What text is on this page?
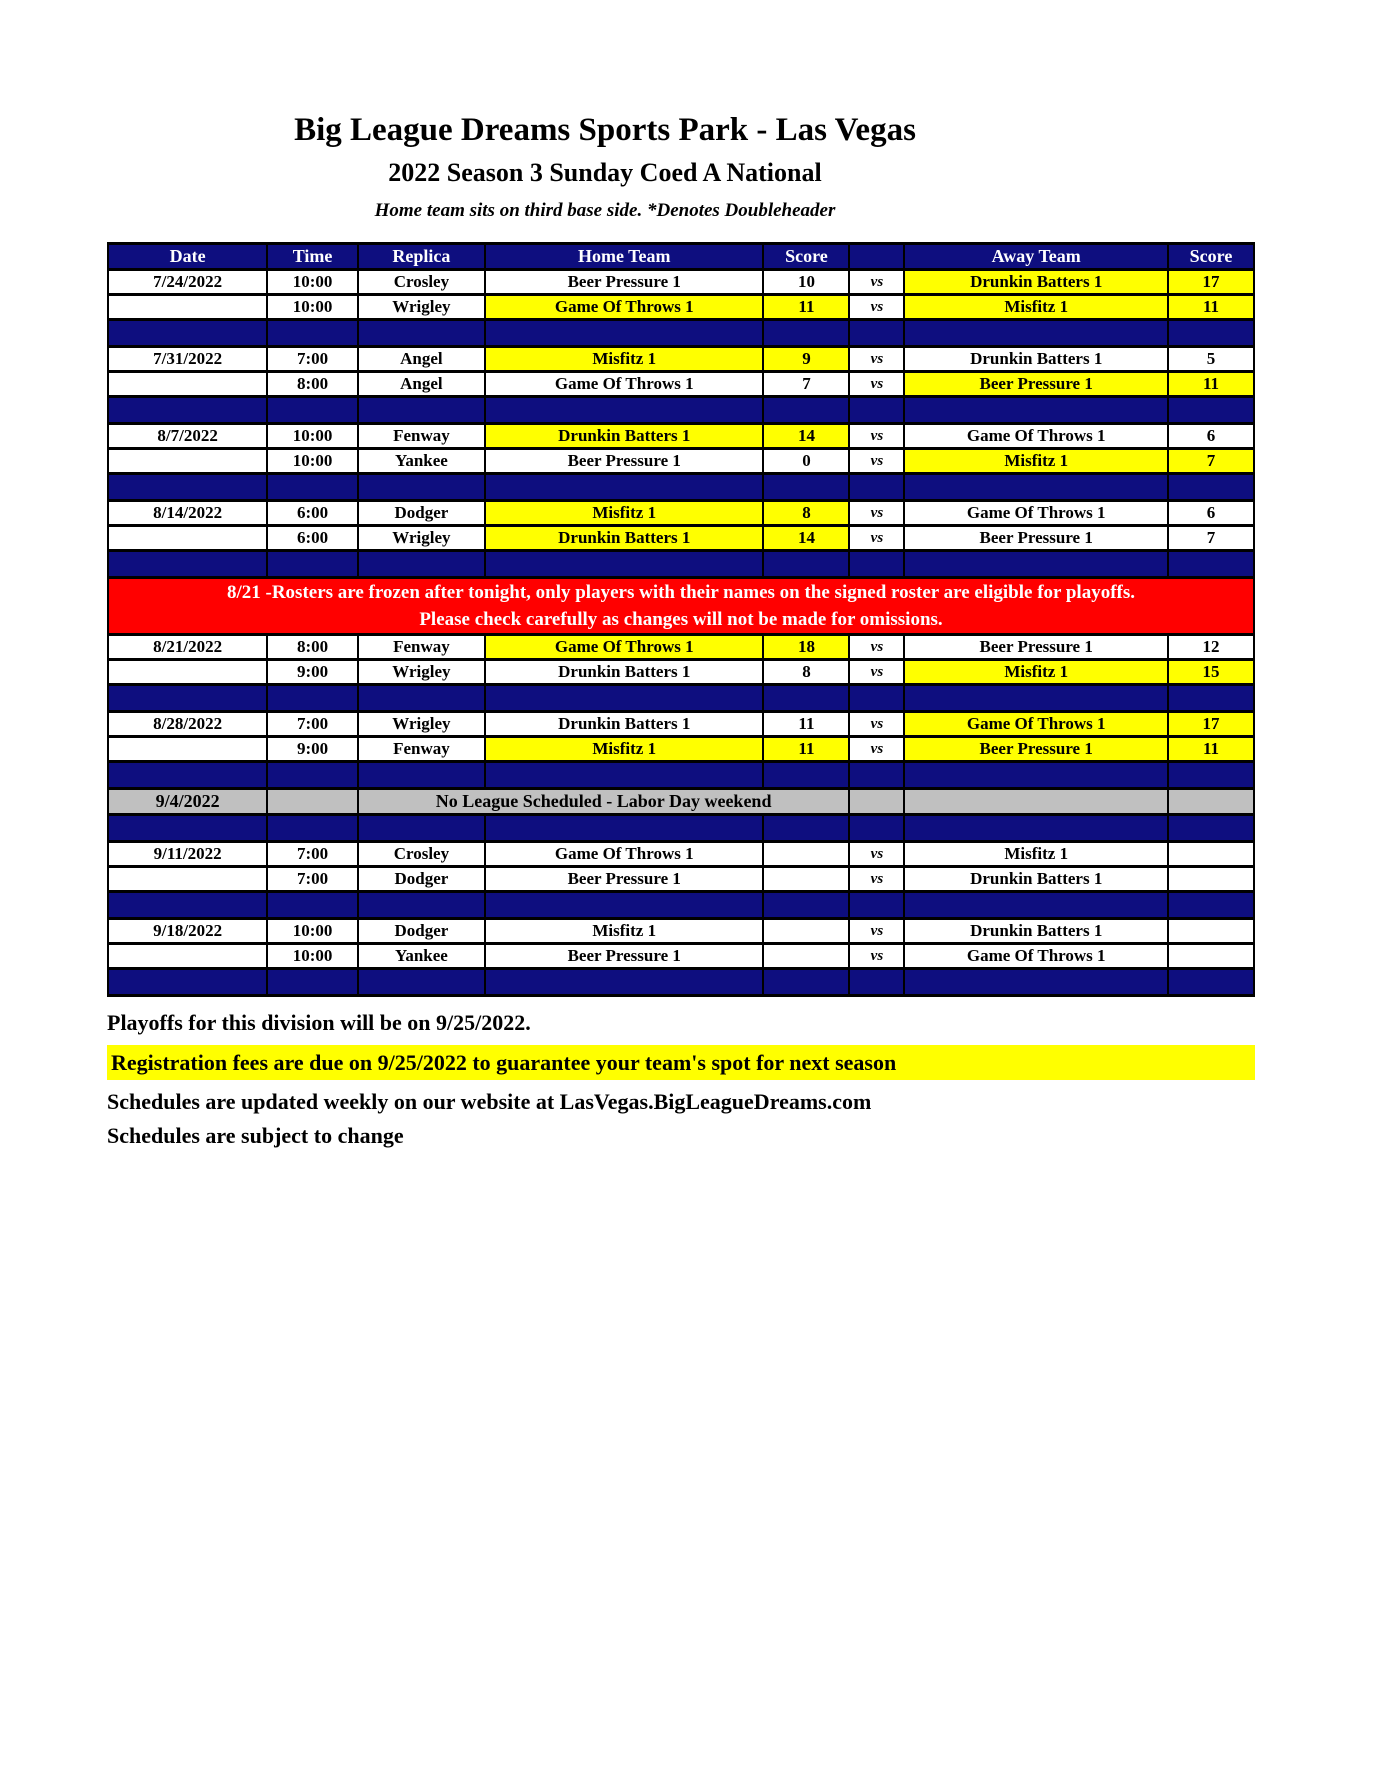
Big League Dreams Sports Park - Las Vegas
2022 Season 3 Sunday Coed A National
Home team sits on third base side. *Denotes Doubleheader
Date	Time	Replica	Home Team	Score		Away Team	Score
7/24/2022	10:00	Crosley	Beer Pressure 1	10	vs	Drunkin Batters 1	17
	10:00	Wrigley	Game Of Throws 1	11	vs	Misfitz 1	11

7/31/2022	7:00	Angel	Misfitz 1	9	vs	Drunkin Batters 1	5
	8:00	Angel	Game Of Throws 1	7	vs	Beer Pressure 1	11

8/7/2022	10:00	Fenway	Drunkin Batters 1	14	vs	Game Of Throws 1	6
	10:00	Yankee	Beer Pressure 1	0	vs	Misfitz 1	7

8/14/2022	6:00	Dodger	Misfitz 1	8	vs	Game Of Throws 1	6
	6:00	Wrigley	Drunkin Batters 1	14	vs	Beer Pressure 1	7

8/21 -Rosters are frozen after tonight, only players with their names on the signed roster are eligible for playoffs.							
Please check carefully as changes will not be made for omissions.							
8/21/2022	8:00	Fenway	Game Of Throws 1	18	vs	Beer Pressure 1	12
	9:00	Wrigley	Drunkin Batters 1	8	vs	Misfitz 1	15

8/28/2022	7:00	Wrigley	Drunkin Batters 1	11	vs	Game Of Throws 1	17
	9:00	Fenway	Misfitz 1	11	vs	Beer Pressure 1	11

9/4/2022		No League Scheduled - Labor Day weekend					

9/11/2022	7:00	Crosley	Game Of Throws 1		vs	Misfitz 1	
	7:00	Dodger	Beer Pressure 1		vs	Drunkin Batters 1	

9/18/2022	10:00	Dodger	Misfitz 1		vs	Drunkin Batters 1	
	10:00	Yankee	Beer Pressure 1		vs	Game Of Throws 1	

Playoffs for this division will be on 9/25/2022.
Registration fees are due on 9/25/2022 to guarantee your team's spot for next season
Schedules are updated weekly on our website at LasVegas.BigLeagueDreams.com
Schedules are subject to change
